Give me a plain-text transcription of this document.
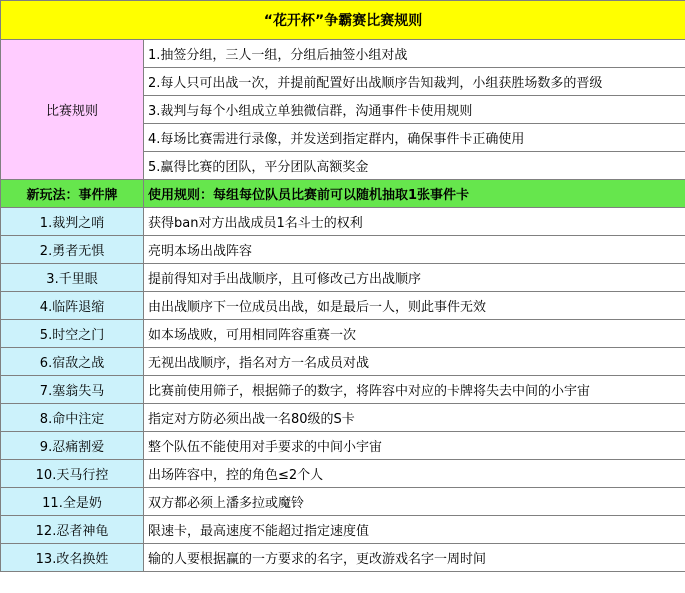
“花开杯”争霸赛比赛规则	
比赛规则	1.抽签分组，三人一组，分组后抽签小组对战
	2.每人只可出战一次，并提前配置好出战顺序告知裁判，小组获胜场数多的晋级
	3.裁判与每个小组成立单独微信群，沟通事件卡使用规则
	4.每场比赛需进行录像，并发送到指定群内，确保事件卡正确使用
	5.赢得比赛的团队，平分团队高额奖金
新玩法：事件牌	使用规则：每组每位队员比赛前可以随机抽取1张事件卡
1.裁判之哨	获得ban对方出战成员1名斗士的权利
2.勇者无惧	亮明本场出战阵容
3.千里眼	提前得知对手出战顺序，且可修改己方出战顺序
4.临阵退缩	由出战顺序下一位成员出战，如是最后一人，则此事件无效
5.时空之门	如本场战败，可用相同阵容重赛一次
6.宿敌之战	无视出战顺序，指名对方一名成员对战
7.塞翁失马	比赛前使用筛子，根据筛子的数字，将阵容中对应的卡牌将失去中间的小宇宙
8.命中注定	指定对方防必须出战一名80级的S卡
9.忍痛割爱	整个队伍不能使用对手要求的中间小宇宙
10.天马行控	出场阵容中，控的角色≤2个人
11.全是奶	双方都必须上潘多拉或魔铃
12.忍者神龟	限速卡，最高速度不能超过指定速度值
13.改名换姓	输的人要根据赢的一方要求的名字，更改游戏名字一周时间
